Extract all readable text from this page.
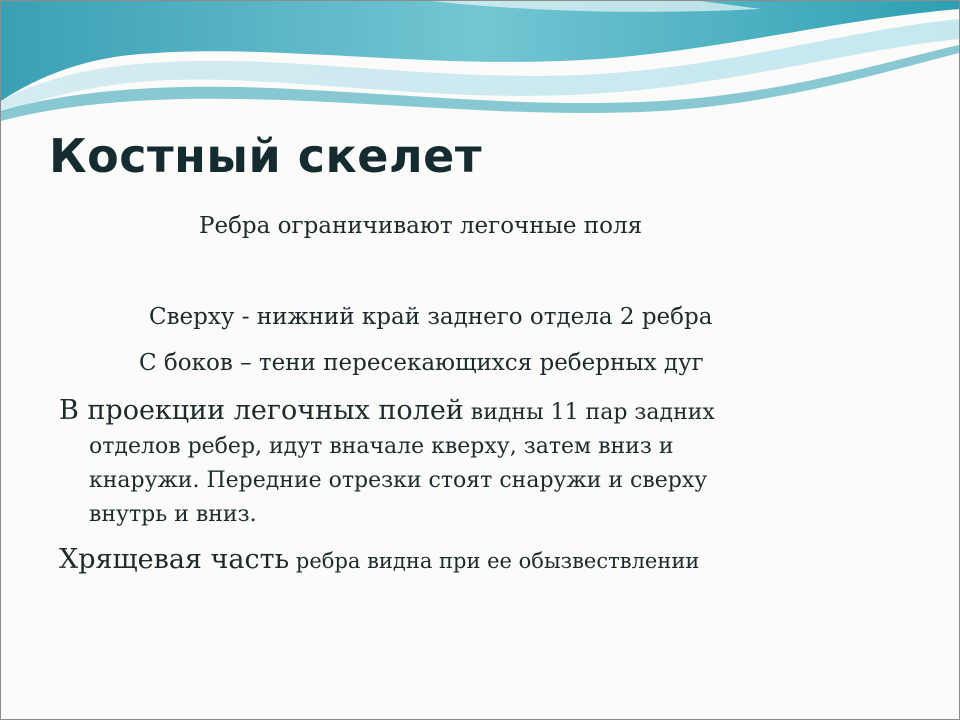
Костный скелет

Ребра ограничивают легочные поля

Сверху - нижний край заднего отдела 2 ребра

С боков – тени пересекающихся реберных дуг

В проекции легочных полей видны 11 пар задних
отделов ребер, идут вначале кверху, затем вниз и
кнаружи. Передние отрезки стоят снаружи и сверху
внутрь и вниз.
Хрящевая часть ребра видна при ее обызвествлении
